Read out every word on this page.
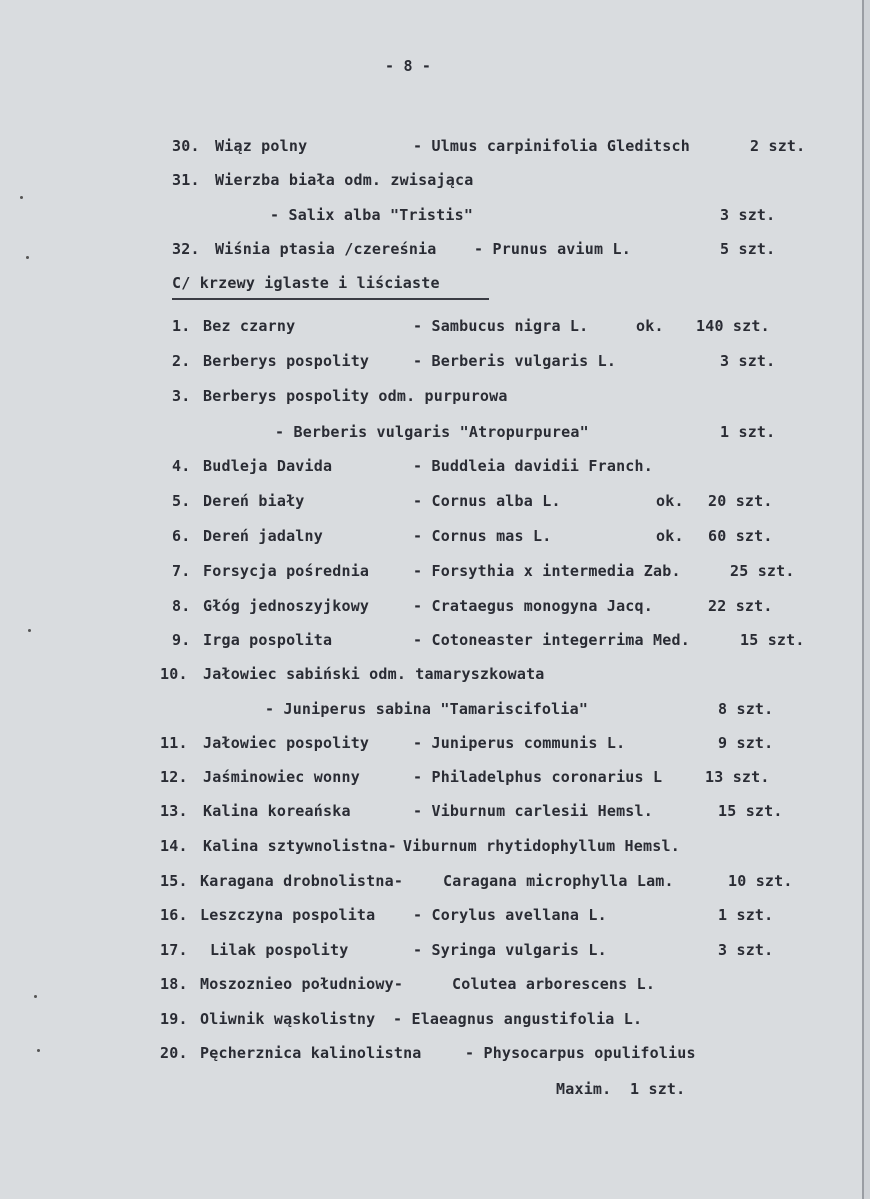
- 8 -
30. Wiąz polny	- Ulmus carpinifolia Gleditsch	2 szt.
31. Wierzba biała odm. zwisająca
- Salix alba "Tristis"	3 szt.
32. Wiśnia ptasia /czereśnia - Prunus avium L.	5 szt.
C/ krzewy iglaste i liściaste
1. Bez czarny	- Sambucus nigra L.	ok. 140 szt.
2. Berberys pospolity	- Berberis vulgaris L.	3 szt.
3. Berberys pospolity odm. purpurowa
- Berberis vulgaris "Atropurpurea"	1 szt.
4. Budleja Davida	- Buddleia davidii Franch.
5. Dereń biały	- Cornus alba L.	ok. 20 szt.
6. Dereń jadalny	- Cornus mas L.	ok. 60 szt.
7. Forsycja pośrednia	- Forsythia x intermedia Zab.	25 szt.
8. Głóg jednoszyjkowy	- Crataegus monogyna Jacq.	22 szt.
9. Irga pospolita	- Cotoneaster integerrima Med.	15 szt.
10. Jałowiec sabiński odm. tamaryszkowata
- Juniperus sabina "Tamariscifolia"	8 szt.
11. Jałowiec pospolity	- Juniperus communis L.	9 szt.
12. Jaśminowiec wonny	- Philadelphus coronarius L	13 szt.
13. Kalina koreańska	- Viburnum carlesii Hemsl.	15 szt.
14. Kalina sztywnolistna- Viburnum rhytidophyllum Hemsl.
15. Karagana drobnolistna-	Caragana microphylla Lam.	10 szt.
16. Leszczyna pospolita	- Corylus avellana L.	1 szt.
17. Lilak pospolity	- Syringa vulgaris L.	3 szt.
18. Moszoznieo południowy-	Colutea arborescens L.
19. Oliwnik wąskolistny - Elaeagnus angustifolia L.
20. Pęcherznica kalinolistna	- Physocarpus opulifolius
Maxim. 1 szt.
